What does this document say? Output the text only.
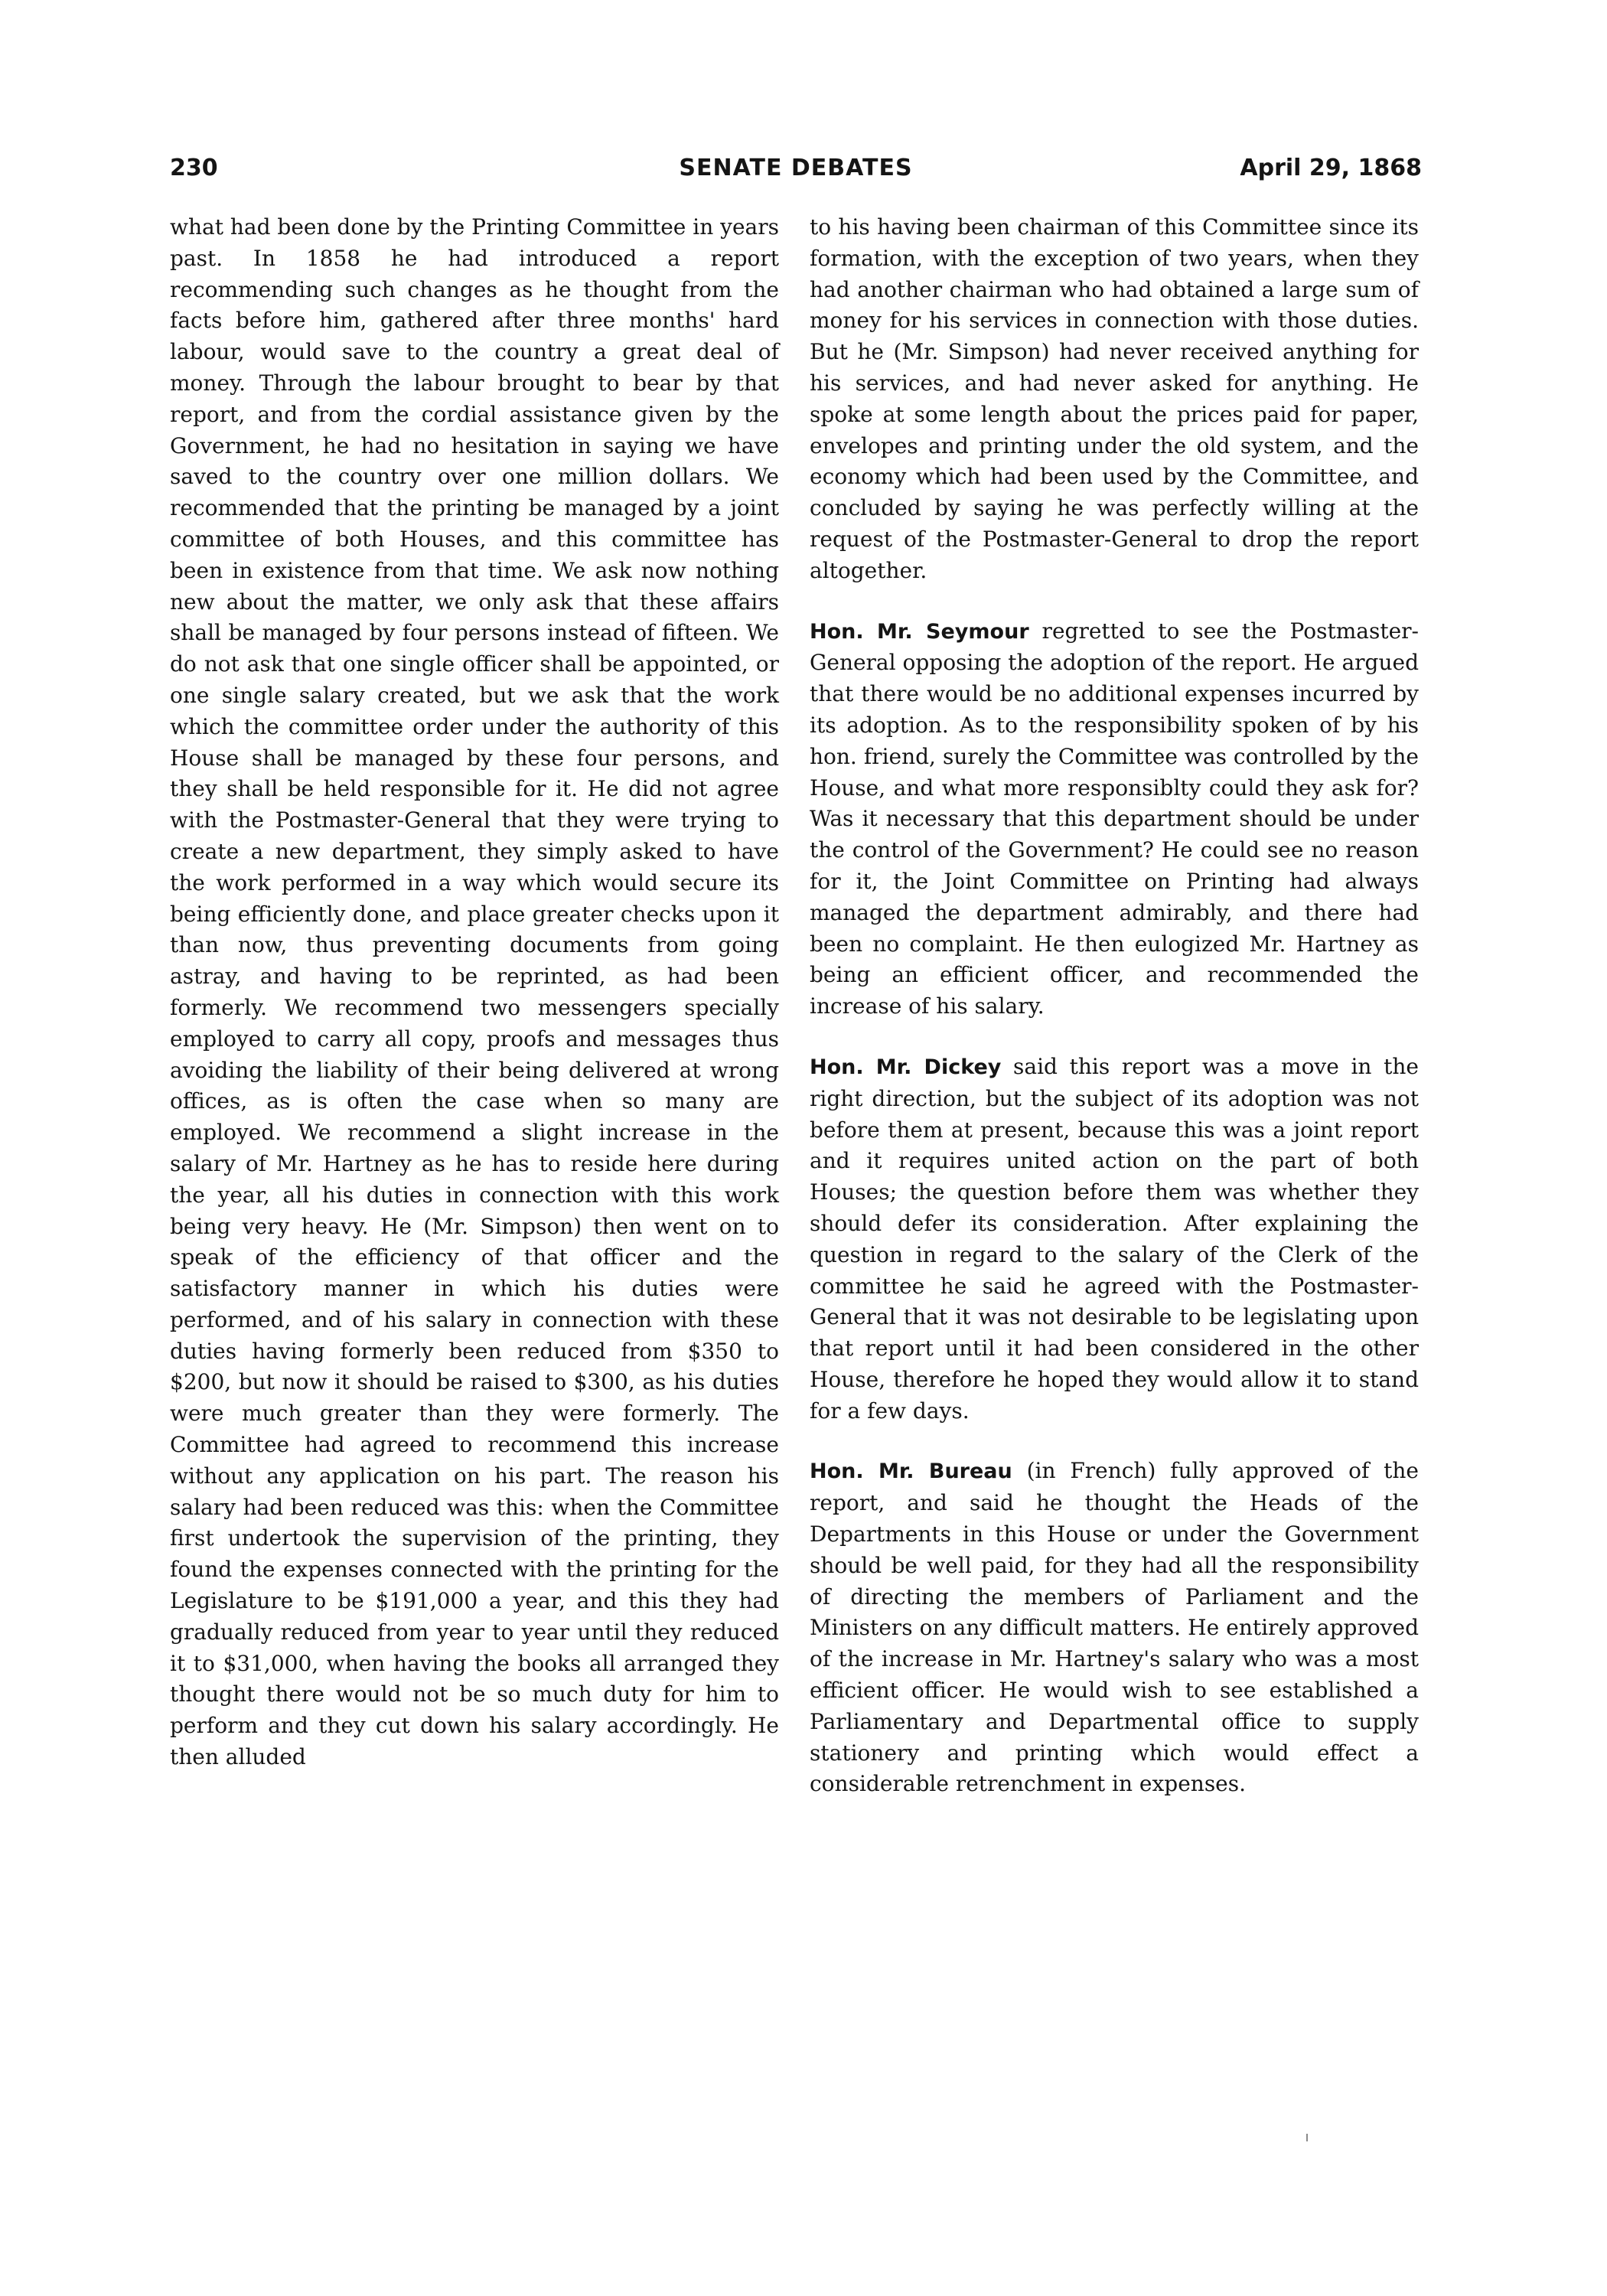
230	SENATE DEBATES	April 29, 1868

what had been done by the Printing Committee in years past. In 1858 he had introduced a report recommending such changes as he thought from the facts before him, gathered after three months' hard labour, would save to the country a great deal of money. Through the labour brought to bear by that report, and from the cordial assistance given by the Government, he had no hesitation in saying we have saved to the country over one million dollars. We recommended that the printing be managed by a joint committee of both Houses, and this committee has been in existence from that time. We ask now nothing new about the matter, we only ask that these affairs shall be managed by four persons instead of fifteen. We do not ask that one single officer shall be appointed, or one single salary created, but we ask that the work which the committee order under the authority of this House shall be managed by these four persons, and they shall be held responsible for it. He did not agree with the Postmaster-General that they were trying to create a new department, they simply asked to have the work performed in a way which would secure its being efficiently done, and place greater checks upon it than now, thus preventing documents from going astray, and having to be reprinted, as had been formerly. We recommend two messengers specially employed to carry all copy, proofs and messages thus avoiding the liability of their being delivered at wrong offices, as is often the case when so many are employed. We recommend a slight increase in the salary of Mr. Hartney as he has to reside here during the year, all his duties in connection with this work being very heavy. He (Mr. Simpson) then went on to speak of the efficiency of that officer and the satisfactory manner in which his duties were performed, and of his salary in connection with these duties having formerly been reduced from $350 to $200, but now it should be raised to $300, as his duties were much greater than they were formerly. The Committee had agreed to recommend this increase without any application on his part. The reason his salary had been reduced was this: when the Committee first undertook the supervision of the printing, they found the expenses connected with the printing for the Legislature to be $191,000 a year, and this they had gradually reduced from year to year until they reduced it to $31,000, when having the books all arranged they thought there would not be so much duty for him to perform and they cut down his salary accordingly. He then alluded

to his having been chairman of this Committee since its formation, with the exception of two years, when they had another chairman who had obtained a large sum of money for his services in connection with those duties. But he (Mr. Simpson) had never received anything for his services, and had never asked for anything. He spoke at some length about the prices paid for paper, envelopes and printing under the old system, and the economy which had been used by the Committee, and concluded by saying he was perfectly willing at the request of the Postmaster-General to drop the report altogether.

Hon. Mr. Seymour regretted to see the Postmaster-General opposing the adoption of the report. He argued that there would be no additional expenses incurred by its adoption. As to the responsibility spoken of by his hon. friend, surely the Committee was controlled by the House, and what more responsiblty could they ask for? Was it necessary that this department should be under the control of the Government? He could see no reason for it, the Joint Committee on Printing had always managed the department admirably, and there had been no complaint. He then eulogized Mr. Hartney as being an efficient officer, and recommended the increase of his salary.

Hon. Mr. Dickey said this report was a move in the right direction, but the subject of its adoption was not before them at present, because this was a joint report and it requires united action on the part of both Houses; the question before them was whether they should defer its consideration. After explaining the question in regard to the salary of the Clerk of the committee he said he agreed with the Postmaster-General that it was not desirable to be legislating upon that report until it had been considered in the other House, therefore he hoped they would allow it to stand for a few days.

Hon. Mr. Bureau (in French) fully approved of the report, and said he thought the Heads of the Departments in this House or under the Government should be well paid, for they had all the responsibility of directing the members of Parliament and the Ministers on any difficult matters. He entirely approved of the increase in Mr. Hartney's salary who was a most efficient officer. He would wish to see established a Parliamentary and Departmental office to supply stationery and printing which would effect a considerable retrenchment in expenses.
